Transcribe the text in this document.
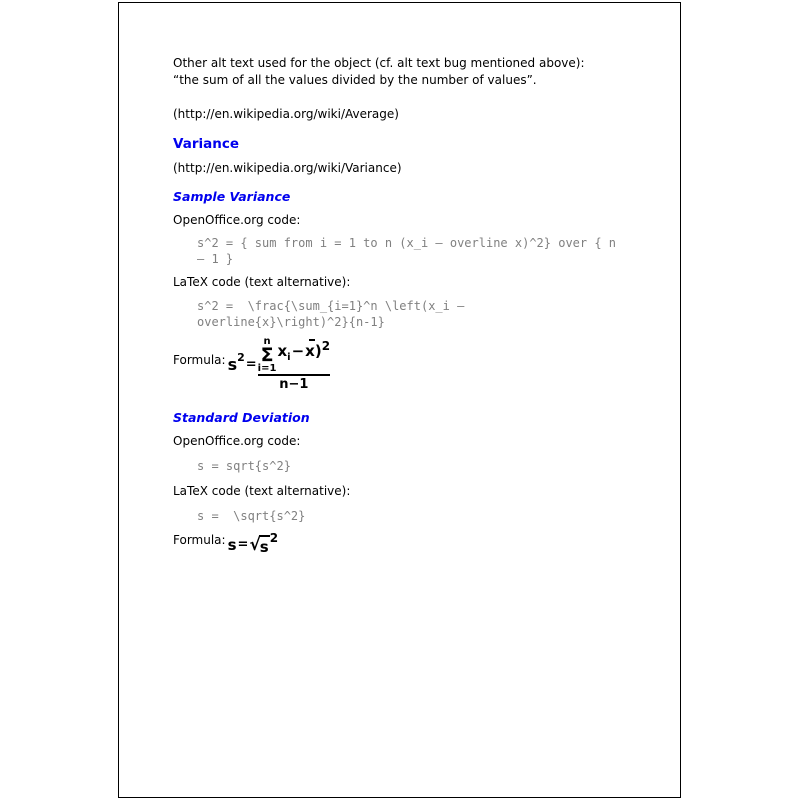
Other alt text used for the object (cf. alt text bug mentioned above):
“the sum of all the values divided by the number of values”.
(http://en.wikipedia.org/wiki/Average)
Variance
(http://en.wikipedia.org/wiki/Variance)
Sample Variance
OpenOffice.org code:
s^2 = { sum from i = 1 to n (x_i – overline x)^2} over { n
– 1 }
LaTeX code (text alternative):
s^2 =  \frac{\sum_{i=1}^n \left(x_i –
overline{x}\right)^2}{n-1}
Formula: s 2 =
n
Σ
i=1
x i − x ) 2
n−1
Standard Deviation
OpenOffice.org code:
s = sqrt{s^2}
LaTeX code (text alternative):
s =  \sqrt{s^2}
Formula: s = √ s 2
